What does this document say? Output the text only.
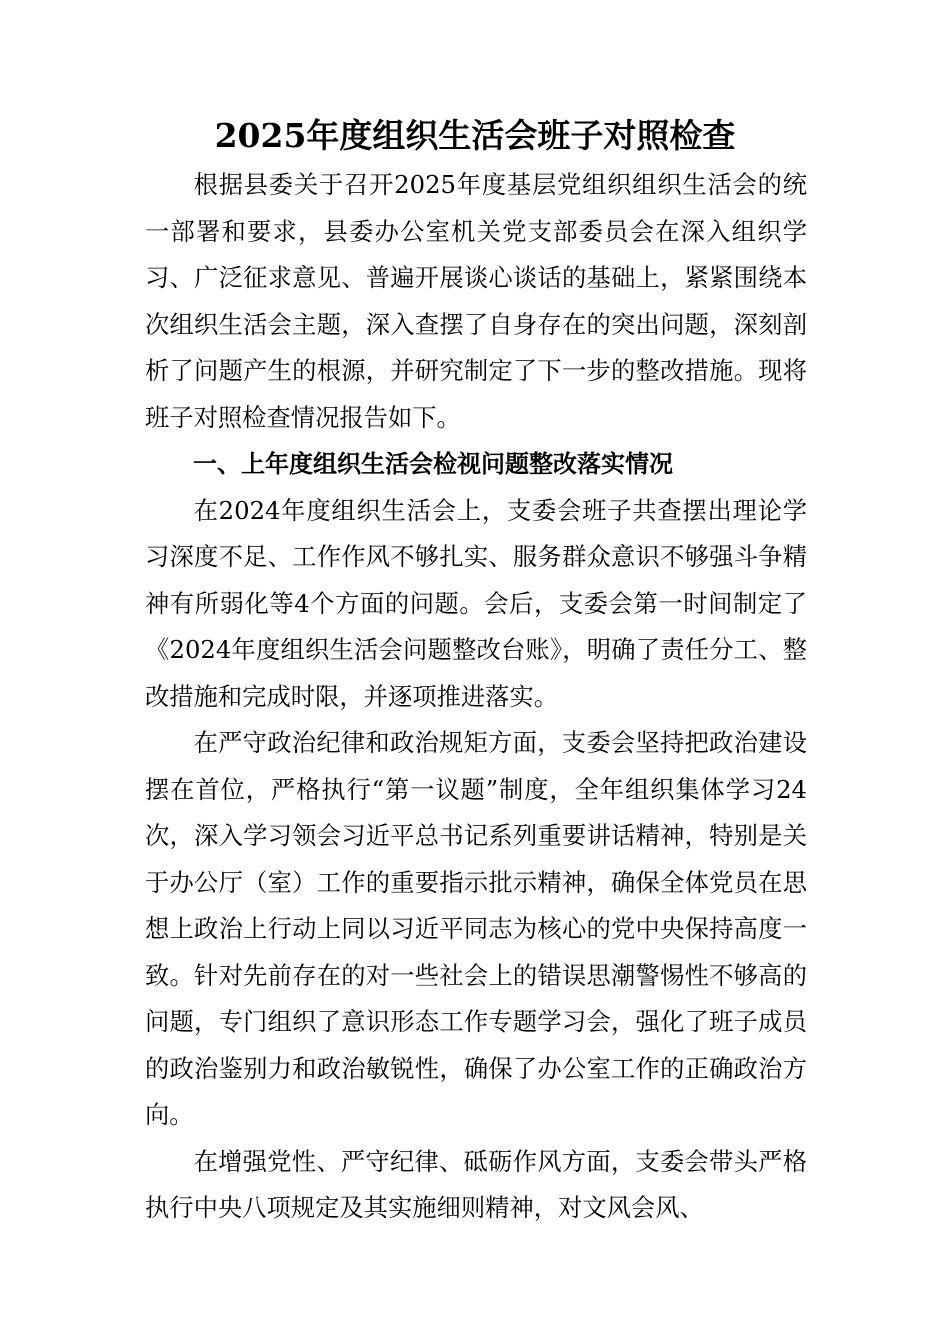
2025年度组织生活会班子对照检查

根据县委关于召开2025年度基层党组织组织生活会的统一部署和要求，县委办公室机关党支部委员会在深入组织学习、广泛征求意见、普遍开展谈心谈话的基础上，紧紧围绕本次组织生活会主题，深入查摆了自身存在的突出问题，深刻剖析了问题产生的根源，并研究制定了下一步的整改措施。现将班子对照检查情况报告如下。

一、上年度组织生活会检视问题整改落实情况

在2024年度组织生活会上，支委会班子共查摆出理论学习深度不足、工作作风不够扎实、服务群众意识不够强斗争精神有所弱化等4个方面的问题。会后，支委会第一时间制定了《2024年度组织生活会问题整改台账》，明确了责任分工、整改措施和完成时限，并逐项推进落实。

在严守政治纪律和政治规矩方面，支委会坚持把政治建设摆在首位，严格执行“第一议题”制度，全年组织集体学习24次，深入学习领会习近平总书记系列重要讲话精神，特别是关于办公厅（室）工作的重要指示批示精神，确保全体党员在思想上政治上行动上同以习近平同志为核心的党中央保持高度一致。针对先前存在的对一些社会上的错误思潮警惕性不够高的问题，专门组织了意识形态工作专题学习会，强化了班子成员的政治鉴别力和政治敏锐性，确保了办公室工作的正确政治方向。

在增强党性、严守纪律、砥砺作风方面，支委会带头严格执行中央八项规定及其实施细则精神，对文风会风、
